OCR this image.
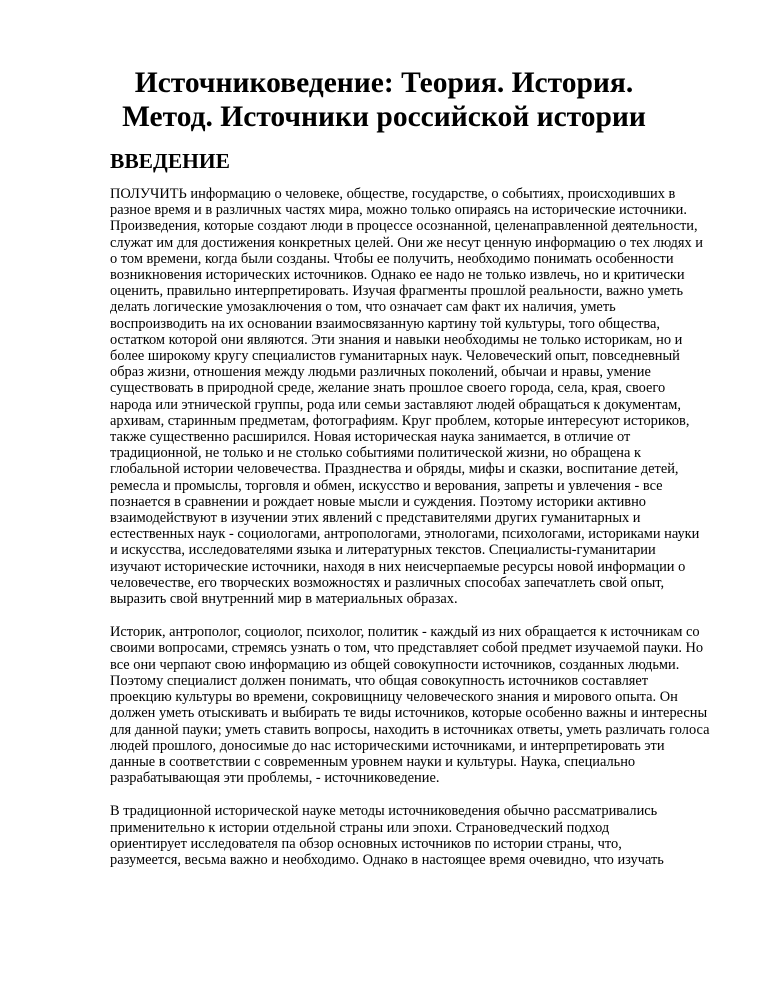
Источниковедение: Теория. История.
Метод. Источники российской истории
ВВЕДЕНИЕ

ПОЛУЧИТЬ информацию о человеке, обществе, государстве, о событиях, происходивших в разное время и в различных частях мира, можно только опираясь на исторические источники. Произведения, которые создают люди в процессе осознанной, целенаправленной деятельности, служат им для достижения конкретных целей. Они же несут ценную информацию о тех людях и о том времени, когда были созданы. Чтобы ее получить, необходимо понимать особенности возникновения исторических источников. Однако ее надо не только извлечь, но и критически оценить, правильно интерпретировать. Изучая фрагменты прошлой реальности, важно уметь делать логические умозаключения о том, что означает сам факт их наличия, уметь воспроизводить на их основании взаимосвязанную картину той культуры, того общества, остатком которой они являются. Эти знания и навыки необходимы не только историкам, но и более широкому кругу специалистов гуманитарных наук. Человеческий опыт, повседневный образ жизни, отношения между людьми различных поколений, обычаи и нравы, умение существовать в природной среде, желание знать прошлое своего города, села, края, своего народа или этнической группы, рода или семьи заставляют людей обращаться к документам, архивам, старинным предметам, фотографиям. Круг проблем, которые интересуют историков, также существенно расширился. Новая историческая наука занимается, в отличие от традиционной, не только и не столько событиями политической жизни, но обращена к глобальной истории человечества. Празднества и обряды, мифы и сказки, воспитание детей, ремесла и промыслы, торговля и обмен, искусство и верования, запреты и увлечения - все познается в сравнении и рождает новые мысли и суждения. Поэтому историки активно взаимодействуют в изучении этих явлений с представителями других гуманитарных и естественных наук - социологами, антропологами, этнологами, психологами, историками науки и искусства, исследователями языка и литературных текстов. Специалисты-гуманитарии изучают исторические источники, находя в них неисчерпаемые ресурсы новой информации о человечестве, его творческих возможностях и различных способах запечатлеть свой опыт, выразить свой внутренний мир в материальных образах.

Историк, антрополог, социолог, психолог, политик - каждый из них обращается к источникам со своими вопросами, стремясь узнать о том, что представляет собой предмет изучаемой пауки. Но все они черпают свою информацию из общей совокупности источников, созданных людьми. Поэтому специалист должен понимать, что общая совокупность источников составляет проекцию культуры во времени, сокровищницу человеческого знания и мирового опыта. Он должен уметь отыскивать и выбирать те виды источников, которые особенно важны и интересны для данной пауки; уметь ставить вопросы, находить в источниках ответы, уметь различать голоса людей прошлого, доносимые до нас историческими источниками, и интерпретировать эти данные в соответствии с современным уровнем науки и культуры. Наука, специально разрабатывающая эти проблемы, - источниковедение.

В традиционной исторической науке методы источниковедения обычно рассматривались
применительно к истории отдельной страны или эпохи. Страноведческий подход
ориентирует исследователя па обзор основных источников по истории страны, что,
разумеется, весьма важно и необходимо. Однако в настоящее время очевидно, что изучать
